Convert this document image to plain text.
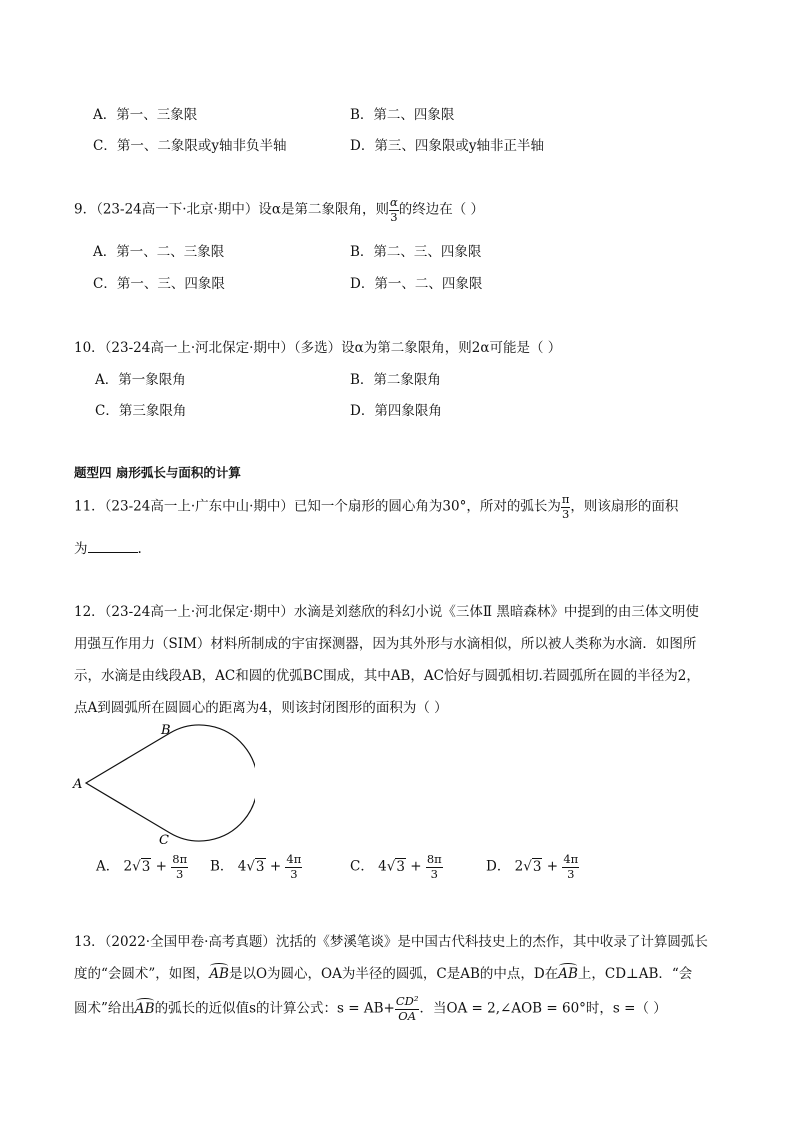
A．第一、三象限	B．第二、四象限
C．第一、二象限或y轴非负半轴	D．第三、四象限或y轴非正半轴
9．（23-24高一下·北京·期中）设α是第二象限角，则 $\frac{\alpha}{3}$ 的终边在（ ）
A．第一、二、三象限	B．第二、三、四象限
C．第一、三、四象限	D．第一、二、四象限
10．（23-24高一上·河北保定·期中）（多选）设α为第二象限角，则2α可能是（ ）
A．第一象限角	B．第二象限角
C．第三象限角	D．第四象限角
题型四 扇形弧长与面积的计算
11．（23-24高一上·广东中山·期中）已知一个扇形的圆心角为30°，所对的弧长为 $\frac{\pi}{3}$ ，则该扇形的面积
为	.
12．（23-24高一上·河北保定·期中）水滴是刘慈欣的科幻小说《三体Ⅱ 黑暗森林》中提到的由三体文明使
用强互作用力（SIM）材料所制成的宇宙探测器，因为其外形与水滴相似，所以被人类称为水滴．如图所
示，水滴是由线段AB，AC和圆的优弧BC围成，其中AB，AC恰好与圆弧相切.若圆弧所在圆的半径为2，
点A到圆弧所在圆圆心的距离为4，则该封闭图形的面积为（ ）
A
B
C
A． $2√3 + \frac{8\pi}{3}$ B． $4√3 + \frac{4\pi}{3}$	C． $4√3 + \frac{8\pi}{3}$	D． $2√3 + \frac{4\pi}{3}$
13．（2022·全国甲卷·高考真题）沈括的《梦溪笔谈》是中国古代科技史上的杰作，其中收录了计算圆弧长
度的“会圆术”，如图，AB是以O为圆心，OA为半径的圆弧，C是AB的中点，D在AB上，CD⊥AB．“会
圆术”给出AB的弧长的近似值s的计算公式：$s = AB+ \frac{\text{CD²}}{OA}$ ．当OA = 2,∠AOB = 60°时，s =（ ）
